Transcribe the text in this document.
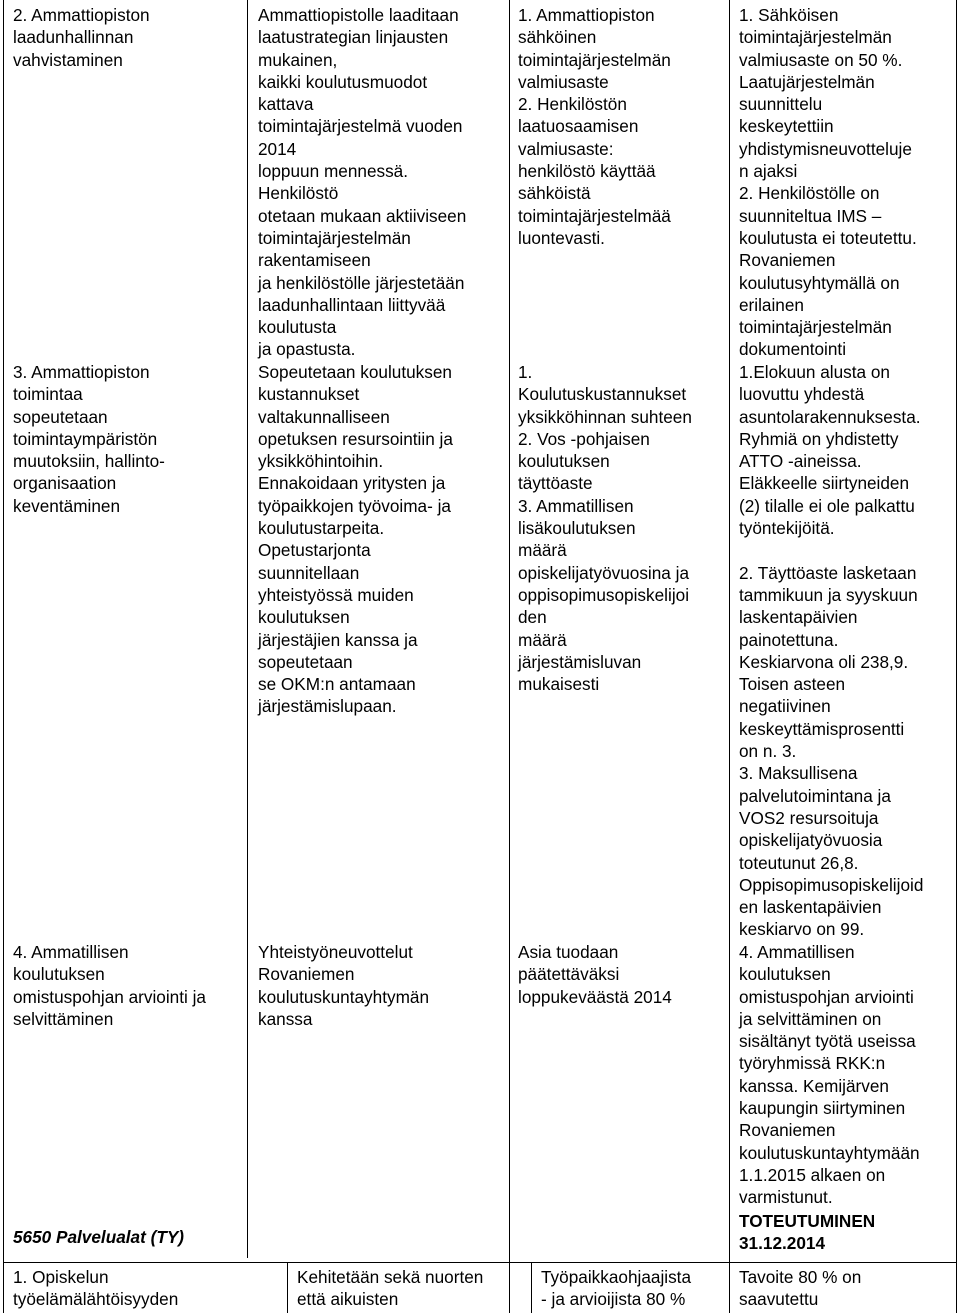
2. Ammattiopiston
laadunhallinnan
vahvistaminen
Ammattiopistolle laaditaan
laatustrategian linjausten
mukainen,
kaikki koulutusmuodot
kattava
toimintajärjestelmä vuoden
2014
loppuun mennessä.
Henkilöstö
otetaan mukaan aktiiviseen
toimintajärjestelmän
rakentamiseen
ja henkilöstölle järjestetään
laadunhallintaan liittyvää
koulutusta
ja opastusta.
1. Ammattiopiston
sähköinen
toimintajärjestelmän
valmiusaste
2. Henkilöstön
laatuosaamisen
valmiusaste:
henkilöstö käyttää
sähköistä
toimintajärjestelmää
luontevasti.
1. Sähköisen
toimintajärjestelmän
valmiusaste on 50 %.
Laatujärjestelmän
suunnittelu
keskeytettiin
yhdistymisneuvotteluje
n ajaksi
2. Henkilöstölle on
suunniteltua IMS –
koulutusta ei toteutettu.
Rovaniemen
koulutusyhtymällä on
erilainen
toimintajärjestelmän
dokumentointi
3. Ammattiopiston
toimintaa
sopeutetaan
toimintaympäristön
muutoksiin, hallinto-
organisaation
keventäminen
Sopeutetaan koulutuksen
kustannukset
valtakunnalliseen
opetuksen resursointiin ja
yksikköhintoihin.
Ennakoidaan yritysten ja
työpaikkojen työvoima- ja
koulutustarpeita.
Opetustarjonta
suunnitellaan
yhteistyössä muiden
koulutuksen
järjestäjien kanssa ja
sopeutetaan
se OKM:n antamaan
järjestämislupaan.
1.
Koulutuskustannukset
yksikköhinnan suhteen
2. Vos -pohjaisen
koulutuksen
täyttöaste
3. Ammatillisen
lisäkoulutuksen
määrä
opiskelijatyövuosina ja
oppisopimusopiskelijoi
den
määrä
järjestämisluvan
mukaisesti
1.Elokuun alusta on
luovuttu yhdestä
asuntolarakennuksesta.
Ryhmiä on yhdistetty
ATTO -aineissa.
Eläkkeelle siirtyneiden
(2) tilalle ei ole palkattu
työntekijöitä.

2. Täyttöaste lasketaan
tammikuun ja syyskuun
laskentapäivien
painotettuna.
Keskiarvona oli 238,9.
Toisen asteen
negatiivinen
keskeyttämisprosentti
on n. 3.
3. Maksullisena
palvelutoimintana ja
VOS2 resursoituja
opiskelijatyövuosia
toteutunut 26,8.
Oppisopimusopiskelijoid
en laskentapäivien
keskiarvo on 99.
4. Ammatillisen
koulutuksen
omistuspohjan arviointi ja
selvittäminen
Yhteistyöneuvottelut
Rovaniemen
koulutuskuntayhtymän
kanssa
Asia tuodaan
päätettäväksi
loppukeväästä 2014
4. Ammatillisen
koulutuksen
omistuspohjan arviointi
ja selvittäminen on
sisältänyt työtä useissa
työryhmissä RKK:n
kanssa. Kemijärven
kaupungin siirtyminen
Rovaniemen
koulutuskuntayhtymään
1.1.2015 alkaen on
varmistunut.
5650 Palvelualat (TY)
TOTEUTUMINEN
31.12.2014
1. Opiskelun
työelämälähtöisyyden
Kehitetään sekä nuorten
että aikuisten
Työpaikkaohjaajista
- ja arvioijista 80 %
Tavoite 80 % on
saavutettu
